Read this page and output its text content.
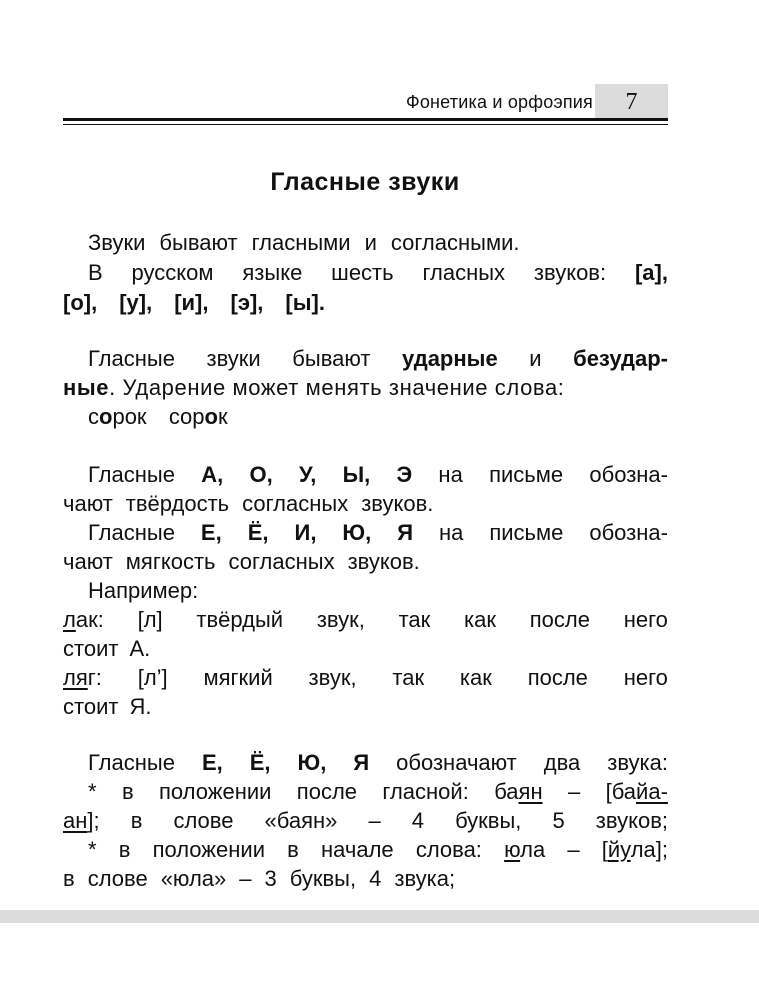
Фонетика и орфоэпия	7
Гласные звуки
Звуки бывают гласными и согласными.
В русском языке шесть гласных звуков: [а],
[о], [у], [и], [э], [ы].
Гласные звуки бывают ударные и безудар-
ные. Ударение может менять значение слова:
сорок сорок
Гласные А, О, У, Ы, Э на письме обозна-
чают твёрдость согласных звуков.
Гласные Е, Ё, И, Ю, Я на письме обозна-
чают мягкость согласных звуков.
Например:
лак: [л] твёрдый звук, так как после него
стоит А.
ляг: [л’] мягкий звук, так как после него
стоит Я.
Гласные Е, Ё, Ю, Я обозначают два звука:
* в положении после гласной: баян – [байа-
ан]; в слове «баян» – 4 буквы, 5 звуков;
* в положении в начале слова: юла – [йула];
в слове «юла» – 3 буквы, 4 звука;
